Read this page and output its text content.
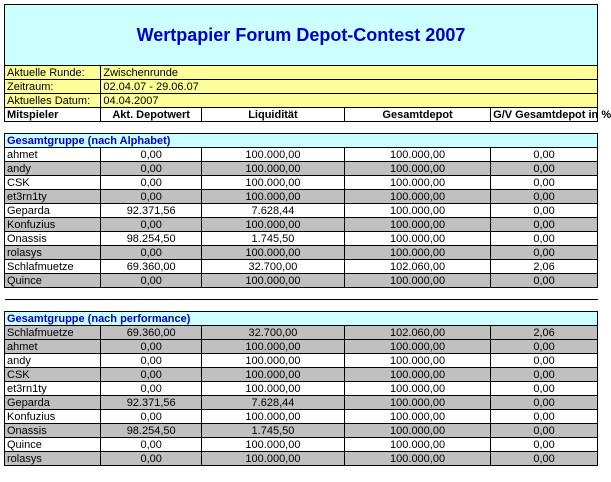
Wertpapier Forum Depot-Contest 2007				
Aktuelle Runde:	Zwischenrunde			
Zeitraum:	02.04.07 - 29.06.07			
Aktuelles Datum:	04.04.2007			
Mitspieler	Akt. Depotwert	Liquidität	Gesamtdepot	G/V Gesamtdepot in %

Gesamtgruppe (nach Alphabet)				
ahmet	0,00	100.000,00	100.000,00	0,00
andy	0,00	100.000,00	100.000,00	0,00
CSK	0,00	100.000,00	100.000,00	0,00
et3rn1ty	0,00	100.000,00	100.000,00	0,00
Geparda	92.371,56	7.628,44	100.000,00	0,00
Konfuzius	0,00	100.000,00	100.000,00	0,00
Onassis	98.254,50	1.745,50	100.000,00	0,00
rolasys	0,00	100.000,00	100.000,00	0,00
Schlafmuetze	69.360,00	32.700,00	102.060,00	2,06
Quince	0,00	100.000,00	100.000,00	0,00

Gesamtgruppe (nach performance)				
Schlafmuetze	69.360,00	32.700,00	102.060,00	2,06
ahmet	0,00	100.000,00	100.000,00	0,00
andy	0,00	100.000,00	100.000,00	0,00
CSK	0,00	100.000,00	100.000,00	0,00
et3rn1ty	0,00	100.000,00	100.000,00	0,00
Geparda	92.371,56	7.628,44	100.000,00	0,00
Konfuzius	0,00	100.000,00	100.000,00	0,00
Onassis	98.254,50	1.745,50	100.000,00	0,00
Quince	0,00	100.000,00	100.000,00	0,00
rolasys	0,00	100.000,00	100.000,00	0,00
